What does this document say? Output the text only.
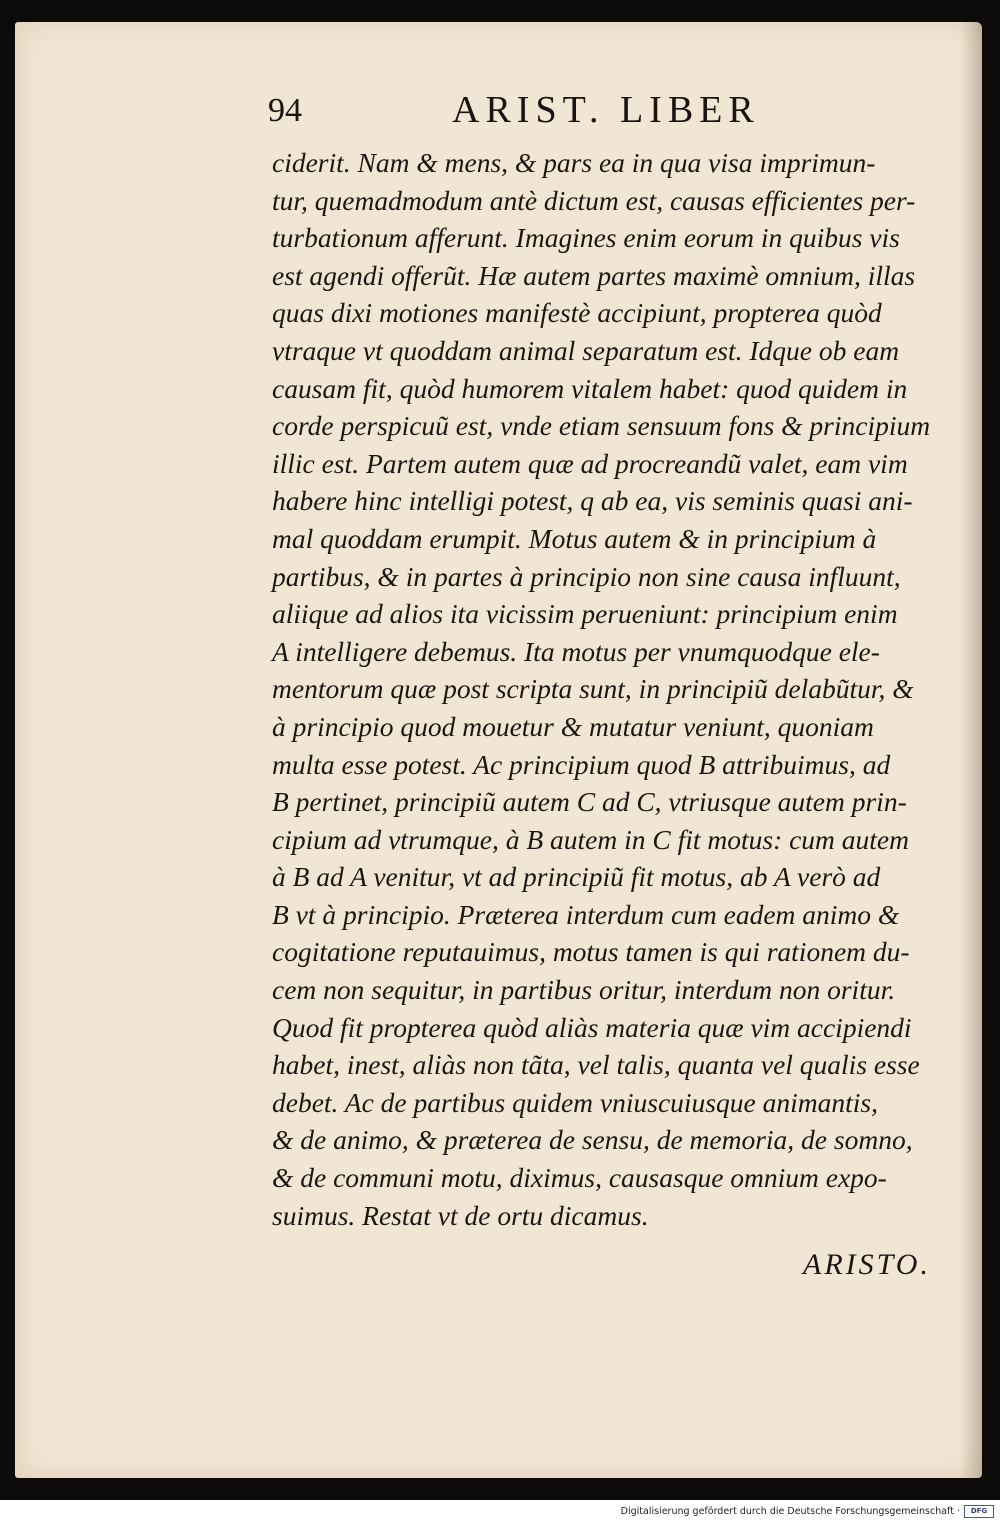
94	ARIST. LIBER
ciderit. Nam & mens, & pars ea in qua visa imprimun-
tur, quemadmodum antè dictum est, causas efficientes per-
turbationum afferunt. Imagines enim eorum in quibus vis
est agendi offerũt. Hæ autem partes maximè omnium, illas
quas dixi motiones manifestè accipiunt, propterea quòd
vtraque vt quoddam animal separatum est. Idque ob eam
causam fit, quòd humorem vitalem habet: quod quidem in
corde perspicuũ est, vnde etiam sensuum fons & principium
illic est. Partem autem quæ ad procreandũ valet, eam vim
habere hinc intelligi potest, q ab ea, vis seminis quasi ani-
mal quoddam erumpit. Motus autem & in principium à
partibus, & in partes à principio non sine causa influunt,
aliique ad alios ita vicissim perueniunt: principium enim
A intelligere debemus. Ita motus per vnumquodque ele-
mentorum quæ post scripta sunt, in principiũ delabũtur, &
à principio quod mouetur & mutatur veniunt, quoniam
multa esse potest. Ac principium quod B attribuimus, ad
B pertinet, principiũ autem C ad C, vtriusque autem prin-
cipium ad vtrumque, à B autem in C fit motus: cum autem
à B ad A venitur, vt ad principiũ fit motus, ab A verò ad
B vt à principio. Præterea interdum cum eadem animo &
cogitatione reputauimus, motus tamen is qui rationem du-
cem non sequitur, in partibus oritur, interdum non oritur.
Quod fit propterea quòd aliàs materia quæ vim accipiendi
habet, inest, aliàs non tãta, vel talis, quanta vel qualis esse
debet. Ac de partibus quidem vniuscuiusque animantis,
& de animo, & præterea de sensu, de memoria, de somno,
& de communi motu, diximus, causasque omnium expo-
suimus. Restat vt de ortu dicamus.
ARISTO.
Digitalisierung gefördert durch die Deutsche Forschungsgemeinschaft ·	DFG
